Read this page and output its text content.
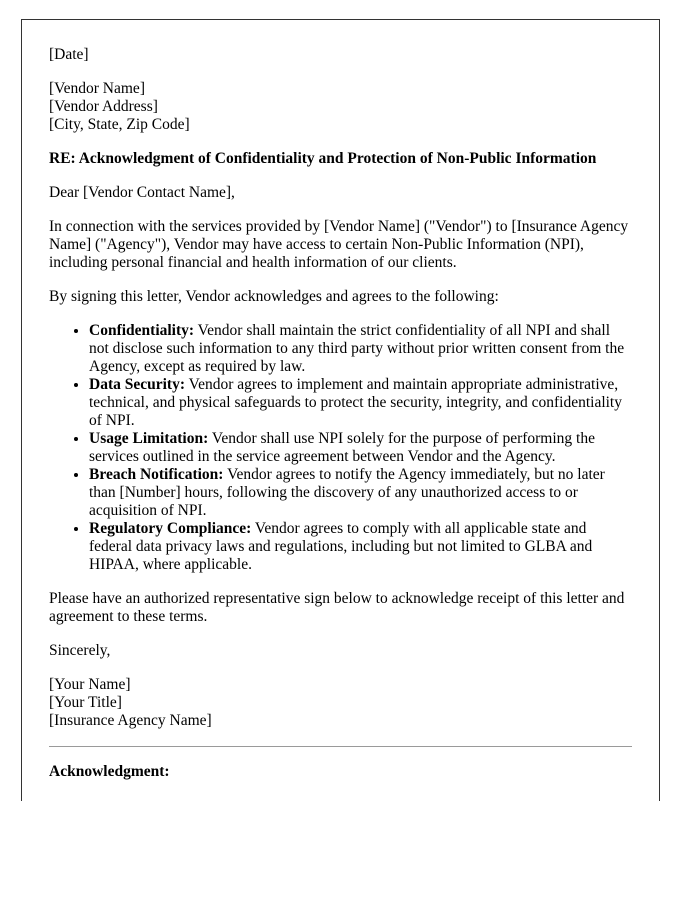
[Date]

[Vendor Name]
[Vendor Address]
[City, State, Zip Code]

RE: Acknowledgment of Confidentiality and Protection of Non-Public Information

Dear [Vendor Contact Name],

In connection with the services provided by [Vendor Name] ("Vendor") to [Insurance Agency Name] ("Agency"), Vendor may have access to certain Non-Public Information (NPI), including personal financial and health information of our clients.

By signing this letter, Vendor acknowledges and agrees to the following:

• Confidentiality: Vendor shall maintain the strict confidentiality of all NPI and shall not disclose such information to any third party without prior written consent from the Agency, except as required by law.
• Data Security: Vendor agrees to implement and maintain appropriate administrative, technical, and physical safeguards to protect the security, integrity, and confidentiality of NPI.
• Usage Limitation: Vendor shall use NPI solely for the purpose of performing the services outlined in the service agreement between Vendor and the Agency.
• Breach Notification: Vendor agrees to notify the Agency immediately, but no later than [Number] hours, following the discovery of any unauthorized access to or acquisition of NPI.
• Regulatory Compliance: Vendor agrees to comply with all applicable state and federal data privacy laws and regulations, including but not limited to GLBA and HIPAA, where applicable.

Please have an authorized representative sign below to acknowledge receipt of this letter and agreement to these terms.

Sincerely,

[Your Name]
[Your Title]
[Insurance Agency Name]

Acknowledgment:
